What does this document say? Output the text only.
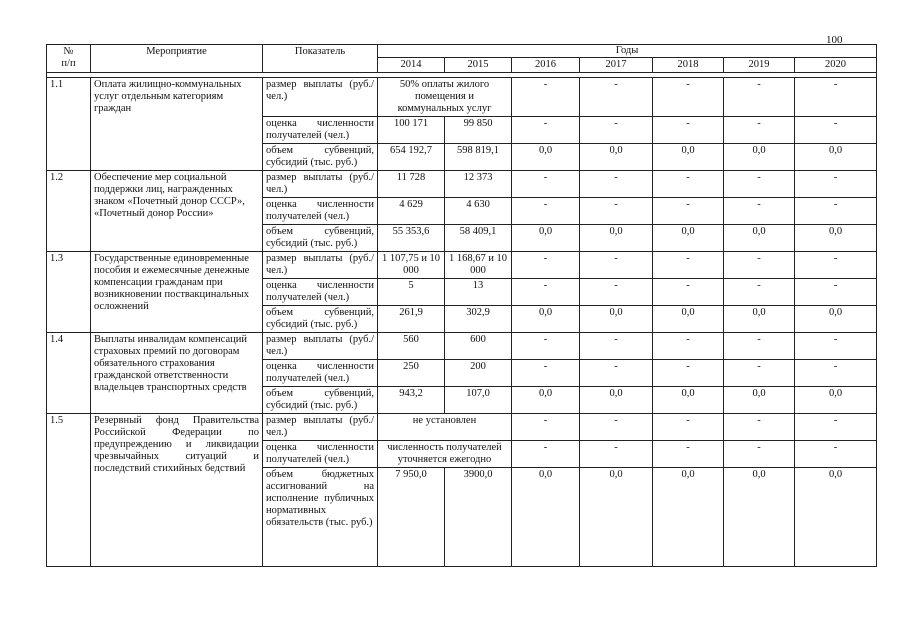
100
№
п/п	Мероприятие	Показатель	Годы						
			2014	2015	2016	2017	2018	2019	2020

1.1	Оплата жилищно-коммунальных услуг отдельным категориям граждан	размер выплаты (руб./ чел.)	50% оплаты жилого помещения и коммунальных услуг		-	-	-	-	-
		оценка численности получателей (чел.)	100 171	99 850	-	-	-	-	-
		объем субвенций, субсидий (тыс. руб.)	654 192,7	598 819,1	0,0	0,0	0,0	0,0	0,0
1.2	Обеспечение мер социальной поддержки лиц, награжденных знаком «Почетный донор СССР», «Почетный донор России»	размер выплаты (руб./ чел.)	11 728	12 373	-	-	-	-	-
		оценка численности получателей (чел.)	4 629	4 630	-	-	-	-	-
		объем субвенций, субсидий (тыс. руб.)	55 353,6	58 409,1	0,0	0,0	0,0	0,0	0,0
1.3	Государственные единовременные пособия и ежемесячные денежные компенсации гражданам при возникновении поствакцинальных осложнений	размер выплаты (руб./ чел.)	1 107,75 и 10 000	1 168,67 и 10 000	-	-	-	-	-
		оценка численности получателей (чел.)	5	13	-	-	-	-	-
		объем субвенций, субсидий (тыс. руб.)	261,9	302,9	0,0	0,0	0,0	0,0	0,0
1.4	Выплаты инвалидам компенсаций страховых премий по договорам обязательного страхования гражданской ответственности владельцев транспортных средств	размер выплаты (руб./ чел.)	560	600	-	-	-	-	-
		оценка численности получателей (чел.)	250	200	-	-	-	-	-
		объем субвенций, субсидий (тыс. руб.)	943,2	107,0	0,0	0,0	0,0	0,0	0,0
1.5	Резервный фонд Правительства Российской Федерации по предупреждению и ликвидации чрезвычайных ситуаций и последствий стихийных бедствий	размер выплаты (руб./ чел.)	не установлен		-	-	-	-	-
		оценка численности получателей (чел.)	численность получателей уточняется ежегодно		-	-	-	-	-
		объем бюджетных ассигнований на исполнение публичных нормативных обязательств (тыс. руб.)	7 950,0	3900,0	0,0	0,0	0,0	0,0	0,0
